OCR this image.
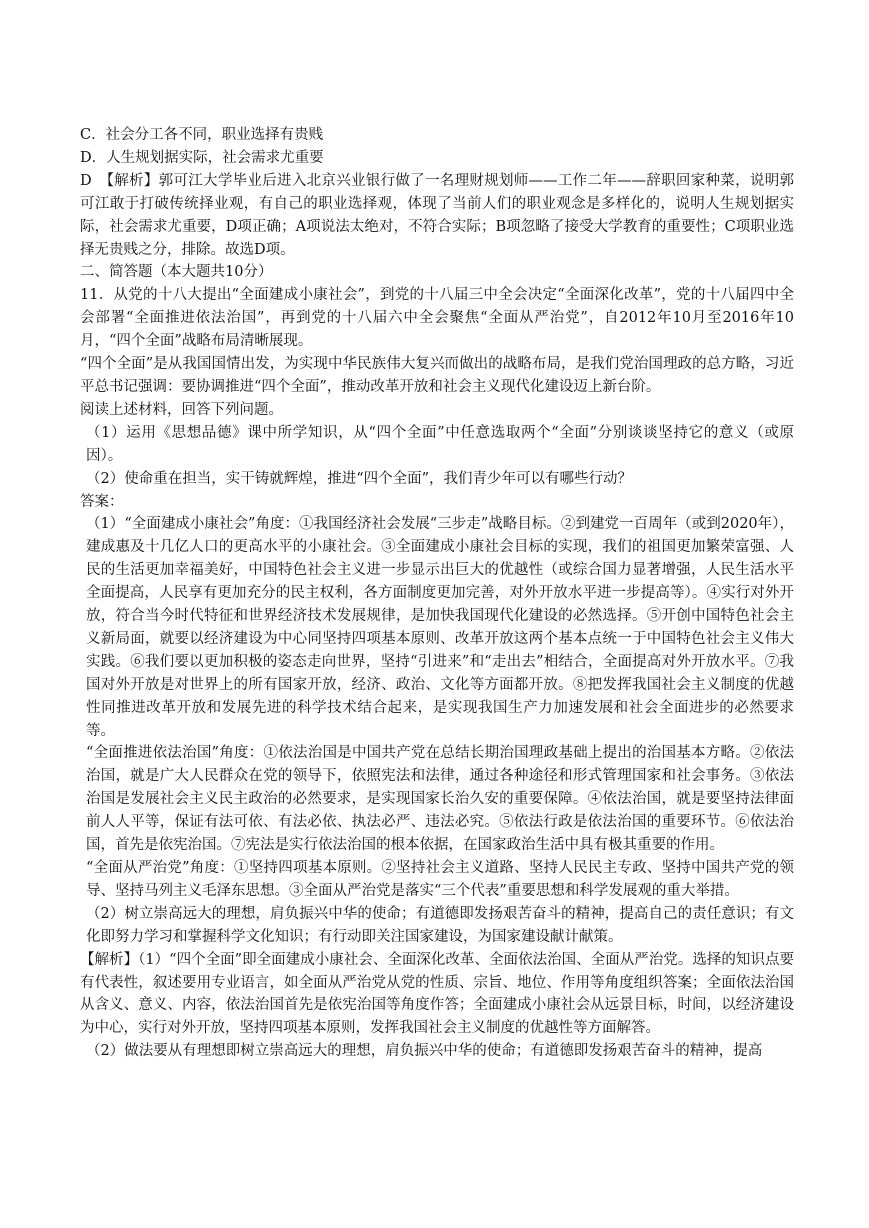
C．社会分工各不同，职业选择有贵贱

D．人生规划据实际，社会需求尤重要

D　【解析】郭可江大学毕业后进入北京兴业银行做了一名理财规划师——工作二年——辞职回家种菜，说明郭可江敢于打破传统择业观，有自己的职业选择观，体现了当前人们的职业观念是多样化的，说明人生规划据实际，社会需求尤重要，D项正确；A项说法太绝对，不符合实际；B项忽略了接受大学教育的重要性；C项职业选择无贵贱之分，排除。故选D项。

二、简答题（本大题共10分）

11．从党的十八大提出“全面建成小康社会”，到党的十八届三中全会决定“全面深化改革”，党的十八届四中全会部署“全面推进依法治国”，再到党的十八届六中全会聚焦“全面从严治党”，自2012年10月至2016年10月，“四个全面”战略布局清晰展现。

“四个全面”是从我国国情出发，为实现中华民族伟大复兴而做出的战略布局，是我们党治国理政的总方略，习近平总书记强调：要协调推进“四个全面”，推动改革开放和社会主义现代化建设迈上新台阶。

阅读上述材料，回答下列问题。

（1）运用《思想品德》课中所学知识，从“四个全面”中任意选取两个“全面”分别谈谈坚持它的意义（或原因）。

（2）使命重在担当，实干铸就辉煌，推进“四个全面”，我们青少年可以有哪些行动？

答案：

（1）“全面建成小康社会”角度：①我国经济社会发展“三步走”战略目标。②到建党一百周年（或到2020年），建成惠及十几亿人口的更高水平的小康社会。③全面建成小康社会目标的实现，我们的祖国更加繁荣富强、人民的生活更加幸福美好，中国特色社会主义进一步显示出巨大的优越性（或综合国力显著增强，人民生活水平全面提高，人民享有更加充分的民主权利，各方面制度更加完善，对外开放水平进一步提高等）。④实行对外开放，符合当今时代特征和世界经济技术发展规律，是加快我国现代化建设的必然选择。⑤开创中国特色社会主义新局面，就要以经济建设为中心同坚持四项基本原则、改革开放这两个基本点统一于中国特色社会主义伟大实践。⑥我们要以更加积极的姿态走向世界，坚持“引进来”和“走出去”相结合，全面提高对外开放水平。⑦我国对外开放是对世界上的所有国家开放，经济、政治、文化等方面都开放。⑧把发挥我国社会主义制度的优越性同推进改革开放和发展先进的科学技术结合起来，是实现我国生产力加速发展和社会全面进步的必然要求等。

“全面推进依法治国”角度：①依法治国是中国共产党在总结长期治国理政基础上提出的治国基本方略。②依法治国，就是广大人民群众在党的领导下，依照宪法和法律，通过各种途径和形式管理国家和社会事务。③依法治国是发展社会主义民主政治的必然要求，是实现国家长治久安的重要保障。④依法治国，就是要坚持法律面前人人平等，保证有法可依、有法必依、执法必严、违法必究。⑤依法行政是依法治国的重要环节。⑥依法治国，首先是依宪治国。⑦宪法是实行依法治国的根本依据，在国家政治生活中具有极其重要的作用。

“全面从严治党”角度：①坚持四项基本原则。②坚持社会主义道路、坚持人民民主专政、坚持中国共产党的领导、坚持马列主义毛泽东思想。③全面从严治党是落实“三个代表”重要思想和科学发展观的重大举措。

（2）树立崇高远大的理想，肩负振兴中华的使命；有道德即发扬艰苦奋斗的精神，提高自己的责任意识；有文化即努力学习和掌握科学文化知识；有行动即关注国家建设，为国家建设献计献策。

【解析】（1）“四个全面”即全面建成小康社会、全面深化改革、全面依法治国、全面从严治党。选择的知识点要有代表性，叙述要用专业语言，如全面从严治党从党的性质、宗旨、地位、作用等角度组织答案；全面依法治国从含义、意义、内容，依法治国首先是依宪治国等角度作答；全面建成小康社会从远景目标，时间，以经济建设为中心，实行对外开放，坚持四项基本原则，发挥我国社会主义制度的优越性等方面解答。

（2）做法要从有理想即树立崇高远大的理想，肩负振兴中华的使命；有道德即发扬艰苦奋斗的精神，提高
